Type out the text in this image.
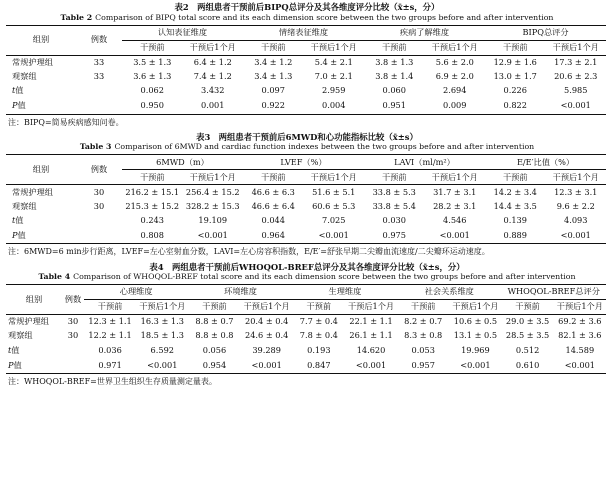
表2　两组患者干预前后BIPQ总评分及其各维度评分比较（x̄±s，分）
Table 2 Comparison of BIPQ total score and its each dimension score between the two groups before and after intervention
组别	例数	认知表征维度		情绪表征维度		疾病了解维度		BIPQ总评分	
		干预前	干预后1个月	干预前	干预后1个月	干预前	干预后1个月	干预前	干预后1个月
常规护理组	33	3.5 ± 1.3	6.4 ± 1.2	3.4 ± 1.2	5.4 ± 2.1	3.8 ± 1.3	5.6 ± 2.0	12.9 ± 1.6	17.3 ± 2.1
观察组	33	3.6 ± 1.3	7.4 ± 1.2	3.4 ± 1.3	7.0 ± 2.1	3.8 ± 1.4	6.9 ± 2.0	13.0 ± 1.7	20.6 ± 2.3
t值		0.062	3.432	0.097	2.959	0.060	2.694	0.226	5.985
P值		0.950	0.001	0.922	0.004	0.951	0.009	0.822	<0.001
注：BIPQ=简易疾病感知问卷。
表3　两组患者干预前后6MWD和心功能指标比较（x̄±s）
Table 3 Comparison of 6MWD and cardiac function indexes between the two groups before and after intervention
组别	例数	6MWD（m）		LVEF（%）		LAVI（ml/m²）		E/E′比值（%）	
		干预前	干预后1个月	干预前	干预后1个月	干预前	干预后1个月	干预前	干预后1个月
常规护理组	30	216.2 ± 15.1	256.4 ± 15.2	46.6 ± 6.3	51.6 ± 5.1	33.8 ± 5.3	31.7 ± 3.1	14.2 ± 3.4	12.3 ± 3.1
观察组	30	215.3 ± 15.2	328.2 ± 15.3	46.6 ± 6.4	60.6 ± 5.3	33.8 ± 5.4	28.2 ± 3.1	14.4 ± 3.5	9.6 ± 2.2
t值		0.243	19.109	0.044	7.025	0.030	4.546	0.139	4.093
P值		0.808	<0.001	0.964	<0.001	0.975	<0.001	0.889	<0.001
注：6MWD=6 min步行距离，LVEF=左心室射血分数，LAVI=左心房容积指数，E/E′=舒张早期二尖瓣血流速度/二尖瓣环运动速度。
表4　两组患者干预前后WHOQOL-BREF总评分及其各维度评分比较（x̄±s，分）
Table 4 Comparison of WHOQOL-BREF total score and its each dimension score between the two groups before and after intervention
组别	例数	心理维度		环境维度		生理维度		社会关系维度		WHOQOL-BREF总评分	
		干预前	干预后1个月	干预前	干预后1个月	干预前	干预后1个月	干预前	干预后1个月	干预前	干预后1个月
常规护理组	30	12.3 ± 1.1	16.3 ± 1.3	8.8 ± 0.7	20.4 ± 0.4	7.7 ± 0.4	22.1 ± 1.1	8.2 ± 0.7	10.6 ± 0.5	29.0 ± 3.5	69.2 ± 3.6
观察组	30	12.2 ± 1.1	18.5 ± 1.3	8.8 ± 0.8	24.6 ± 0.4	7.8 ± 0.4	26.1 ± 1.1	8.3 ± 0.8	13.1 ± 0.5	28.5 ± 3.5	82.1 ± 3.6
t值		0.036	6.592	0.056	39.289	0.193	14.620	0.053	19.969	0.512	14.589
P值		0.971	<0.001	0.954	<0.001	0.847	<0.001	0.957	<0.001	0.610	<0.001
注：WHOQOL-BREF=世界卫生组织生存质量测定量表。
